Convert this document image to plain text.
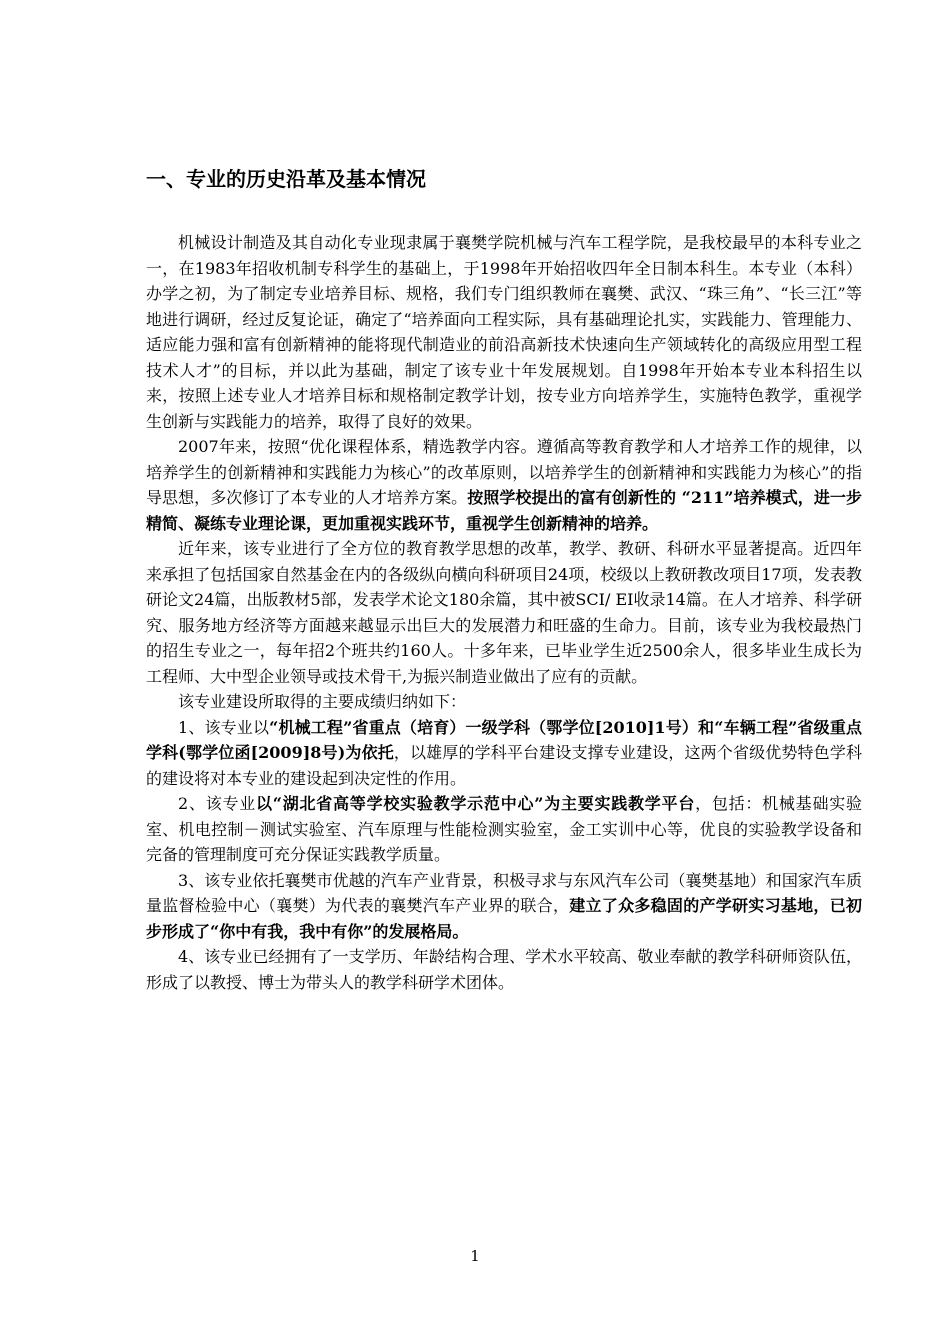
一、专业的历史沿革及基本情况

机械设计制造及其自动化专业现隶属于襄樊学院机械与汽车工程学院，是我校最早的本科专业之一，在1983年招收机制专科学生的基础上，于1998年开始招收四年全日制本科生。本专业（本科）办学之初，为了制定专业培养目标、规格，我们专门组织教师在襄樊、武汉、“珠三角”、“长三江”等地进行调研，经过反复论证，确定了“培养面向工程实际，具有基础理论扎实，实践能力、管理能力、适应能力强和富有创新精神的能将现代制造业的前沿高新技术快速向生产领域转化的高级应用型工程技术人才”的目标，并以此为基础，制定了该专业十年发展规划。自1998年开始本专业本科招生以来，按照上述专业人才培养目标和规格制定教学计划，按专业方向培养学生，实施特色教学，重视学生创新与实践能力的培养，取得了良好的效果。

2007年来，按照“优化课程体系，精选教学内容。遵循高等教育教学和人才培养工作的规律，以培养学生的创新精神和实践能力为核心”的改革原则，以培养学生的创新精神和实践能力为核心”的指导思想，多次修订了本专业的人才培养方案。按照学校提出的富有创新性的 “211”培养模式，进一步精简、凝练专业理论课，更加重视实践环节，重视学生创新精神的培养。

近年来，该专业进行了全方位的教育教学思想的改革，教学、教研、科研水平显著提高。近四年来承担了包括国家自然基金在内的各级纵向横向科研项目24项，校级以上教研教改项目17项，发表教研论文24篇，出版教材5部，发表学术论文180余篇，其中被SCI/ EI收录14篇。在人才培养、科学研究、服务地方经济等方面越来越显示出巨大的发展潜力和旺盛的生命力。目前，该专业为我校最热门的招生专业之一，每年招2个班共约160人。十多年来，已毕业学生近2500余人，很多毕业生成长为工程师、大中型企业领导或技术骨干,为振兴制造业做出了应有的贡献。

该专业建设所取得的主要成绩归纳如下：

1、该专业以“机械工程”省重点（培育）一级学科（鄂学位[2010]1号）和“车辆工程”省级重点学科(鄂学位函[2009]8号)为依托，以雄厚的学科平台建设支撑专业建设，这两个省级优势特色学科的建设将对本专业的建设起到决定性的作用。

2、该专业以“湖北省高等学校实验教学示范中心”为主要实践教学平台，包括：机械基础实验室、机电控制－测试实验室、汽车原理与性能检测实验室，金工实训中心等，优良的实验教学设备和完备的管理制度可充分保证实践教学质量。

3、该专业依托襄樊市优越的汽车产业背景，积极寻求与东风汽车公司（襄樊基地）和国家汽车质量监督检验中心（襄樊）为代表的襄樊汽车产业界的联合，建立了众多稳固的产学研实习基地，已初步形成了“你中有我，我中有你”的发展格局。

4、该专业已经拥有了一支学历、年龄结构合理、学术水平较高、敬业奉献的教学科研师资队伍，形成了以教授、博士为带头人的教学科研学术团体。

1
